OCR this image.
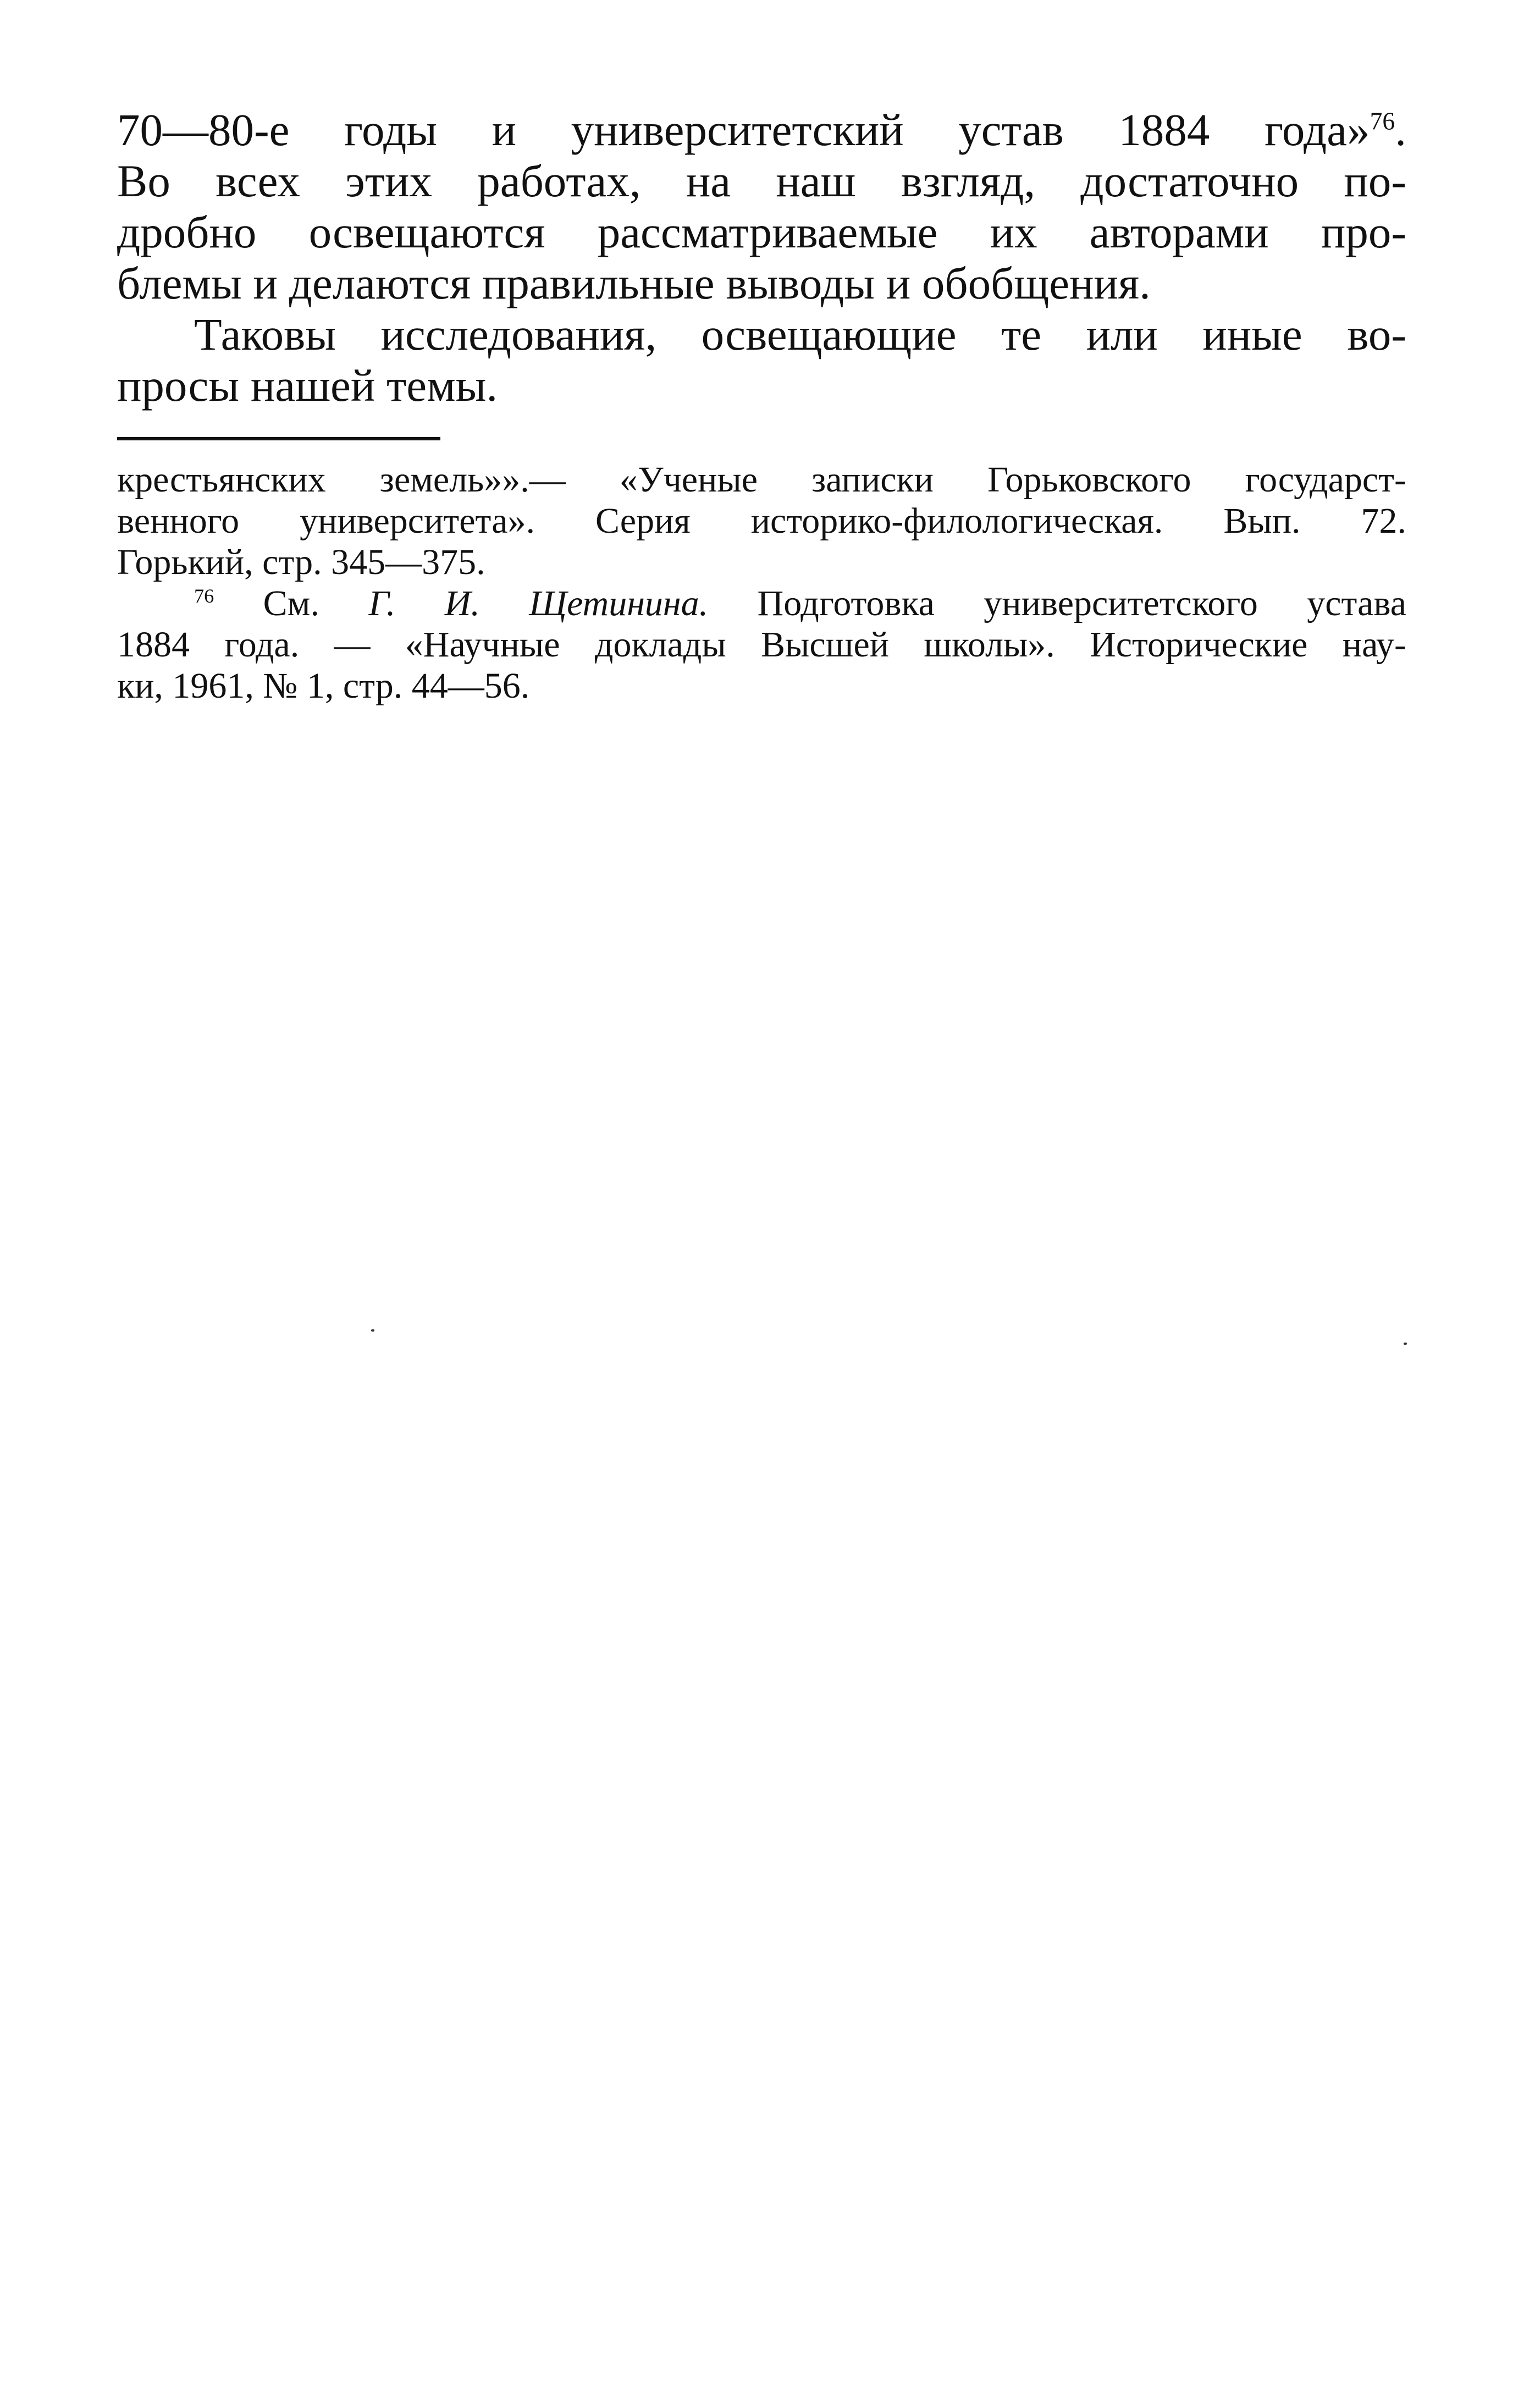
70—80-е годы и университетский устав 1884 года»$^{76}$.
Во всех этих работах, на наш взгляд, достаточно по-
дробно освещаются рассматриваемые их авторами про-
блемы и делаются правильные выводы и обобщения.

Таковы исследования, освещающие те или иные во-
просы нашей темы.

крестьянских земель»».— «Ученые записки Горьковского государст-
венного университета». Серия историко-филологическая. Вып. 72.
Горький, стр. 345—375.
$^{76}$ См. Г. И. Щетинина. Подготовка университетского устава
1884 года. — «Научные доклады Высшей школы». Исторические нау-
ки, 1961, № 1, стр. 44—56.
